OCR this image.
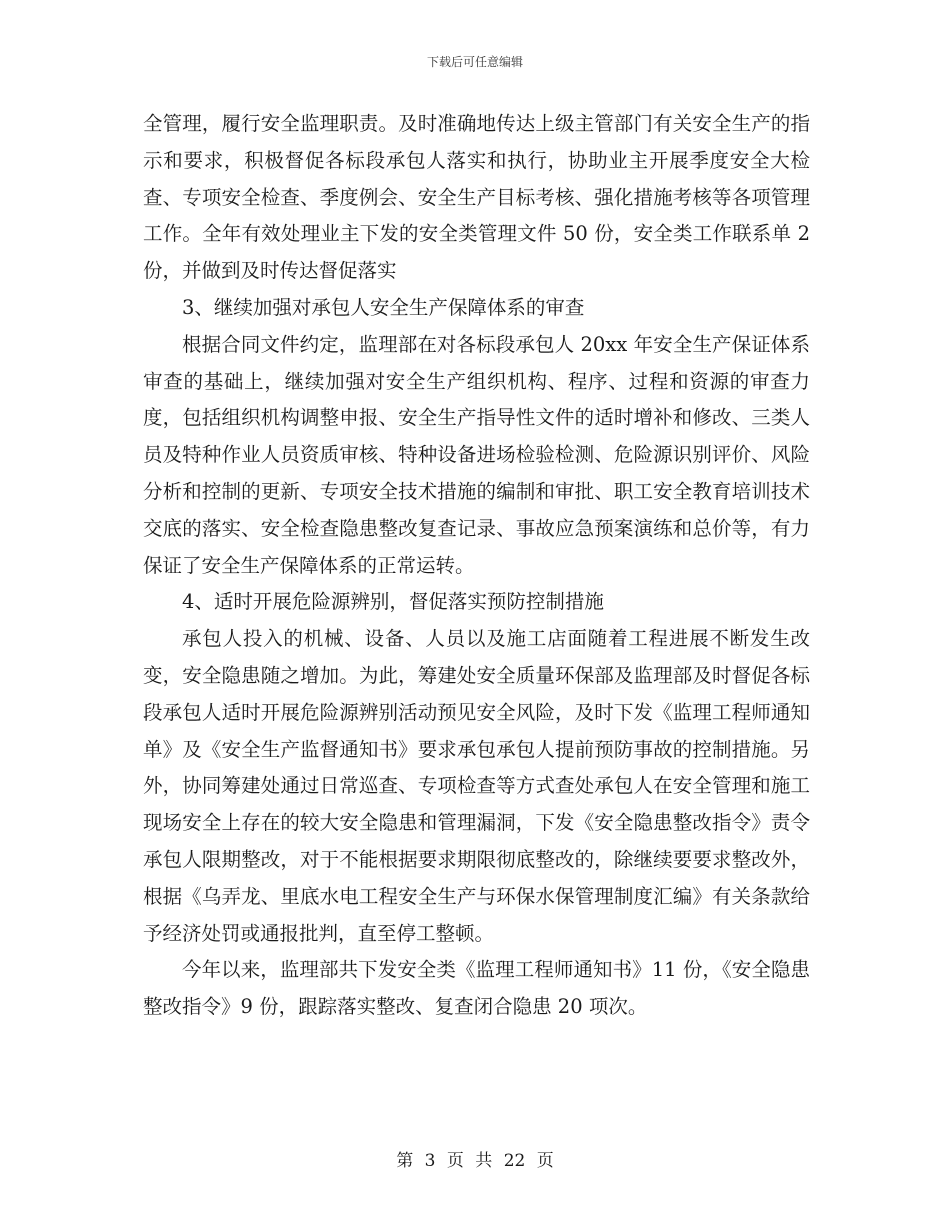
下载后可任意编辑

全管理，履行安全监理职责。及时准确地传达上级主管部门有关安全生产的指示和要求，积极督促各标段承包人落实和执行，协助业主开展季度安全大检查、专项安全检查、季度例会、安全生产目标考核、强化措施考核等各项管理工作。全年有效处理业主下发的安全类管理文件 50 份，安全类工作联系单 2 份，并做到及时传达督促落实

3、继续加强对承包人安全生产保障体系的审查

根据合同文件约定，监理部在对各标段承包人 20xx 年安全生产保证体系审查的基础上，继续加强对安全生产组织机构、程序、过程和资源的审查力度，包括组织机构调整申报、安全生产指导性文件的适时增补和修改、三类人员及特种作业人员资质审核、特种设备进场检验检测、危险源识别评价、风险分析和控制的更新、专项安全技术措施的编制和审批、职工安全教育培训技术交底的落实、安全检查隐患整改复查记录、事故应急预案演练和总价等，有力保证了安全生产保障体系的正常运转。

4、适时开展危险源辨别，督促落实预防控制措施

承包人投入的机械、设备、人员以及施工店面随着工程进展不断发生改变，安全隐患随之增加。为此，筹建处安全质量环保部及监理部及时督促各标段承包人适时开展危险源辨别活动预见安全风险，及时下发《监理工程师通知单》及《安全生产监督通知书》要求承包承包人提前预防事故的控制措施。另外，协同筹建处通过日常巡查、专项检查等方式查处承包人在安全管理和施工现场安全上存在的较大安全隐患和管理漏洞，下发《安全隐患整改指令》责令承包人限期整改，对于不能根据要求期限彻底整改的，除继续要要求整改外，根据《乌弄龙、里底水电工程安全生产与环保水保管理制度汇编》有关条款给予经济处罚或通报批判，直至停工整顿。

今年以来，监理部共下发安全类《监理工程师通知书》11 份，《安全隐患整改指令》9 份，跟踪落实整改、复查闭合隐患 20 项次。

第 3 页 共 22 页
